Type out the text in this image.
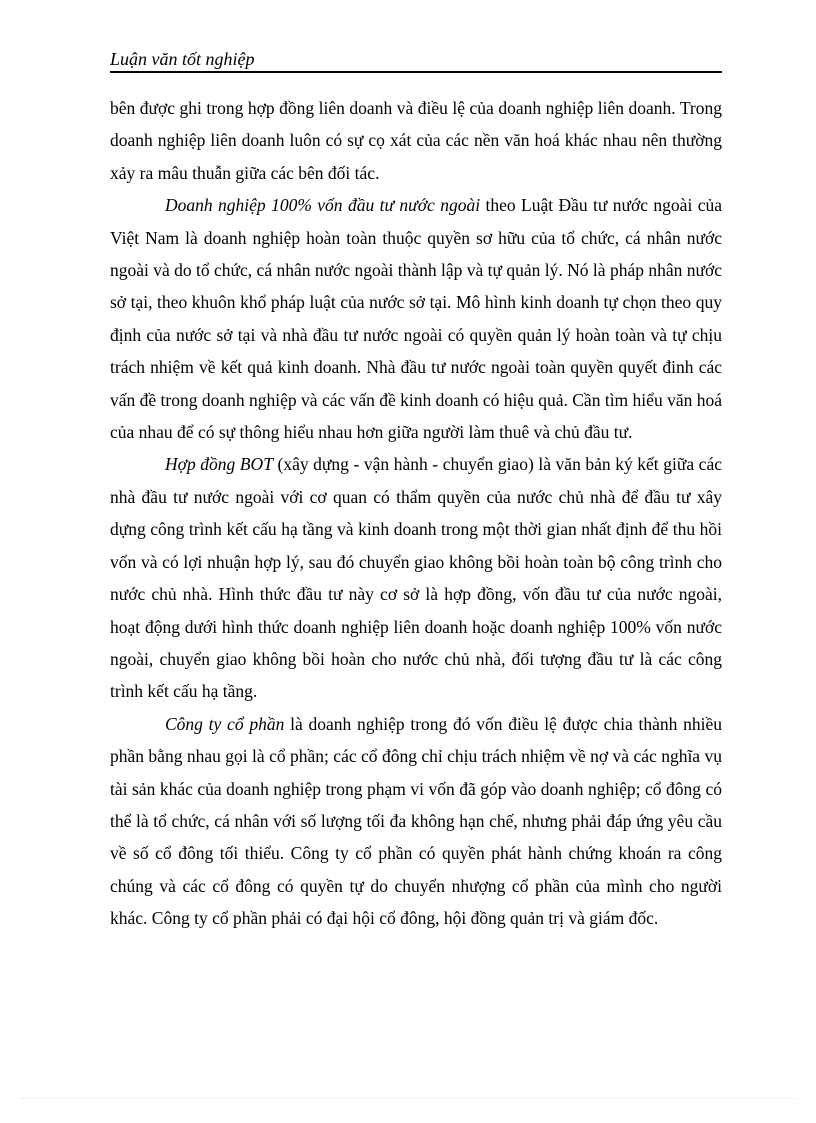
Luận văn tốt nghiệp

bên được ghi trong hợp đồng liên doanh và điều lệ của doanh nghiệp liên doanh. Trong doanh nghiệp liên doanh luôn có sự cọ xát của các nền văn hoá khác nhau nên thường xảy ra mâu thuẫn giữa các bên đối tác.

Doanh nghiệp 100% vốn đầu tư nước ngoài theo Luật Đầu tư nước ngoài của Việt Nam là doanh nghiệp hoàn toàn thuộc quyền sơ hữu của tổ chức, cá nhân nước ngoài và do tổ chức, cá nhân nước ngoài thành lập và tự quản lý. Nó là pháp nhân nước sở tại, theo khuôn khổ pháp luật của nước sở tại. Mô hình kinh doanh tự chọn theo quy định của nước sở tại và nhà đầu tư nước ngoài có quyền quản lý hoàn toàn và tự chịu trách nhiệm về kết quả kinh doanh. Nhà đầu tư nước ngoài toàn quyền quyết đinh các vấn đề trong doanh nghiệp và các vấn đề kinh doanh có hiệu quả. Cần tìm hiểu văn hoá của nhau để có sự thông hiểu nhau hơn giữa người làm thuê và chủ đầu tư.

Hợp đồng BOT (xây dựng - vận hành - chuyển giao) là văn bản ký kết giữa các nhà đầu tư nước ngoài với cơ quan có thẩm quyền của nước chủ nhà để đầu tư xây dựng công trình kết cấu hạ tầng và kinh doanh trong một thời gian nhất định để thu hồi vốn và có lợi nhuận hợp lý, sau đó chuyển giao không bồi hoàn toàn bộ công trình cho nước chủ nhà. Hình thức đầu tư này cơ sở là hợp đồng, vốn đầu tư của nước ngoài, hoạt động dưới hình thức doanh nghiệp liên doanh hoặc doanh nghiệp 100% vốn nước ngoài, chuyển giao không bồi hoàn cho nước chủ nhà, đối tượng đầu tư là các công trình kết cấu hạ tầng.

Công ty cổ phần là doanh nghiệp trong đó vốn điều lệ được chia thành nhiều phần bằng nhau gọi là cổ phần; các cổ đông chỉ chịu trách nhiệm về nợ và các nghĩa vụ tài sản khác của doanh nghiệp trong phạm vi vốn đã góp vào doanh nghiệp; cổ đông có thể là tổ chức, cá nhân với số lượng tối đa không hạn chế, nhưng phải đáp ứng yêu cầu về số cổ đông tối thiểu. Công ty cổ phần có quyền phát hành chứng khoán ra công chúng và các cổ đông có quyền tự do chuyển nhượng cổ phần của mình cho người khác. Công ty cổ phần phải có đại hội cổ đông, hội đồng quản trị và giám đốc.
